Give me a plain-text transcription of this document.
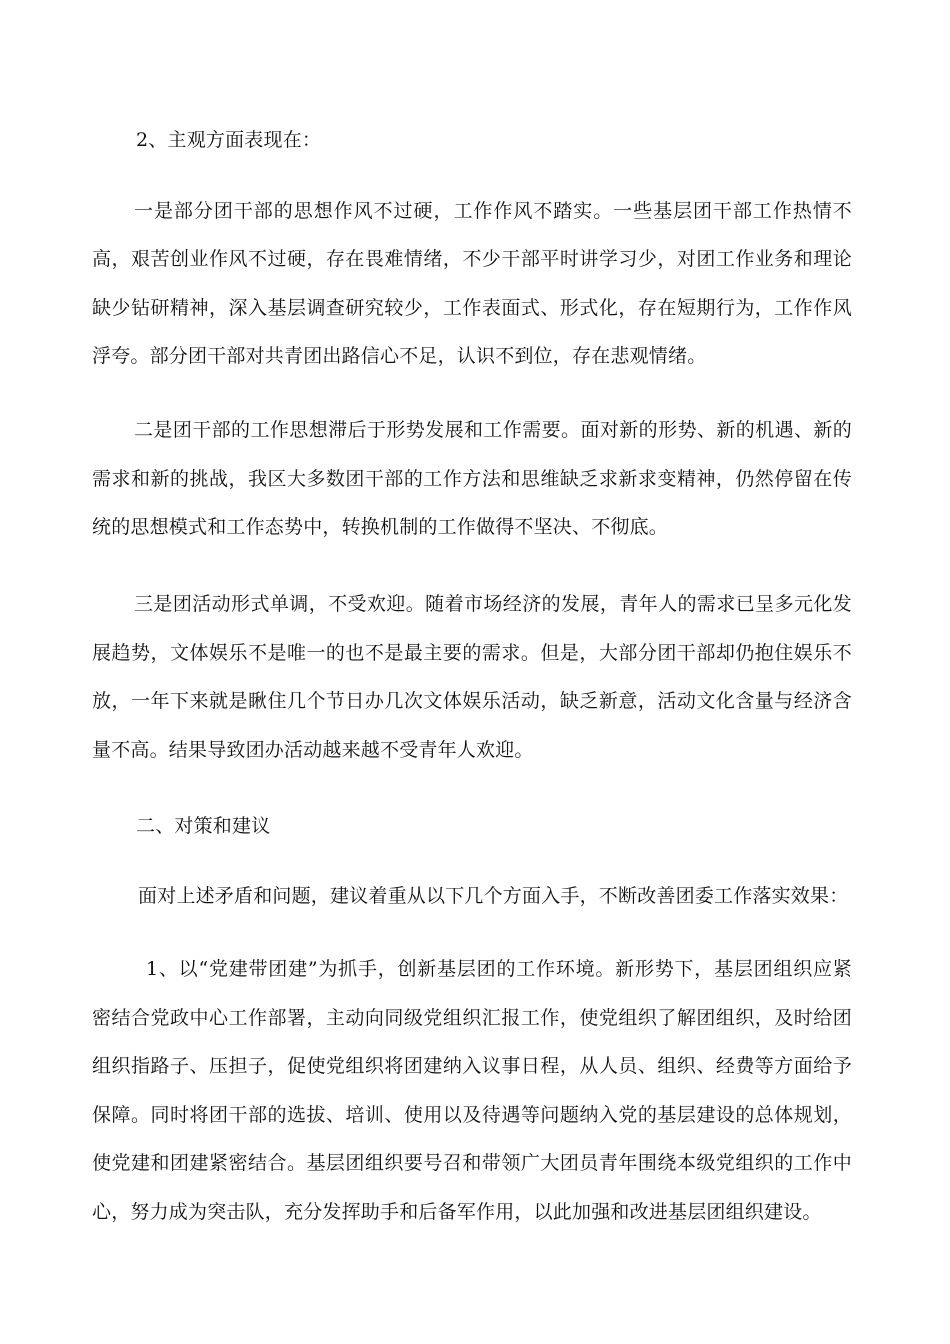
2、主观方面表现在：
一是部分团干部的思想作风不过硬，工作作风不踏实。一些基层团干部工作热情不
高，艰苦创业作风不过硬，存在畏难情绪，不少干部平时讲学习少，对团工作业务和理论
缺少钻研精神，深入基层调查研究较少，工作表面式、形式化，存在短期行为，工作作风
浮夸。部分团干部对共青团出路信心不足，认识不到位，存在悲观情绪。
二是团干部的工作思想滞后于形势发展和工作需要。面对新的形势、新的机遇、新的
需求和新的挑战，我区大多数团干部的工作方法和思维缺乏求新求变精神，仍然停留在传
统的思想模式和工作态势中，转换机制的工作做得不坚决、不彻底。
三是团活动形式单调，不受欢迎。随着市场经济的发展，青年人的需求已呈多元化发
展趋势，文体娱乐不是唯一的也不是最主要的需求。但是，大部分团干部却仍抱住娱乐不
放，一年下来就是瞅住几个节日办几次文体娱乐活动，缺乏新意，活动文化含量与经济含
量不高。结果导致团办活动越来越不受青年人欢迎。
二、对策和建议
面对上述矛盾和问题，建议着重从以下几个方面入手，不断改善团委工作落实效果：
1、以“党建带团建”为抓手，创新基层团的工作环境。新形势下，基层团组织应紧
密结合党政中心工作部署，主动向同级党组织汇报工作，使党组织了解团组织，及时给团
组织指路子、压担子，促使党组织将团建纳入议事日程，从人员、组织、经费等方面给予
保障。同时将团干部的选拔、培训、使用以及待遇等问题纳入党的基层建设的总体规划，
使党建和团建紧密结合。基层团组织要号召和带领广大团员青年围绕本级党组织的工作中
心，努力成为突击队，充分发挥助手和后备军作用，以此加强和改进基层团组织建设。
